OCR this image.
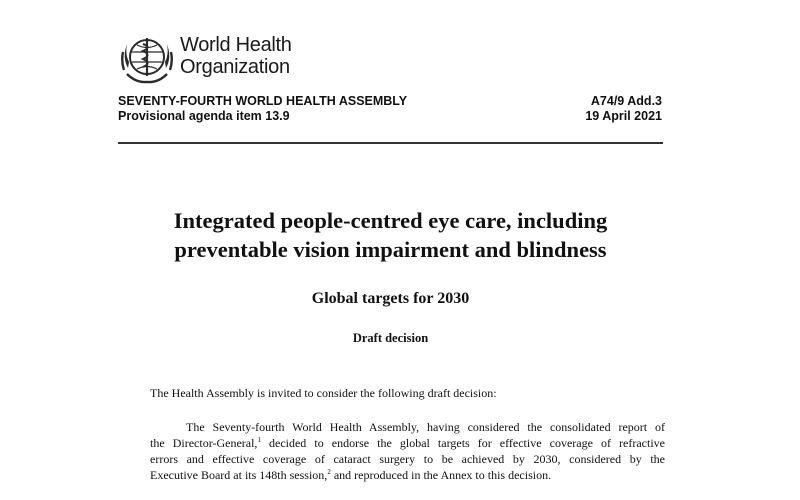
World Health
Organization
SEVENTY-FOURTH WORLD HEALTH ASSEMBLY
Provisional agenda item 13.9
A74/9 Add.3
19 April 2021
Integrated people-centred eye care, including
preventable vision impairment and blindness
Global targets for 2030
Draft decision
The Health Assembly is invited to consider the following draft decision:
The Seventy-fourth World Health Assembly, having considered the consolidated report of
the Director-General,$^1$ decided to endorse the global targets for effective coverage of refractive
errors and effective coverage of cataract surgery to be achieved by 2030, considered by the
Executive Board at its 148th session,$^2$ and reproduced in the Annex to this decision.
